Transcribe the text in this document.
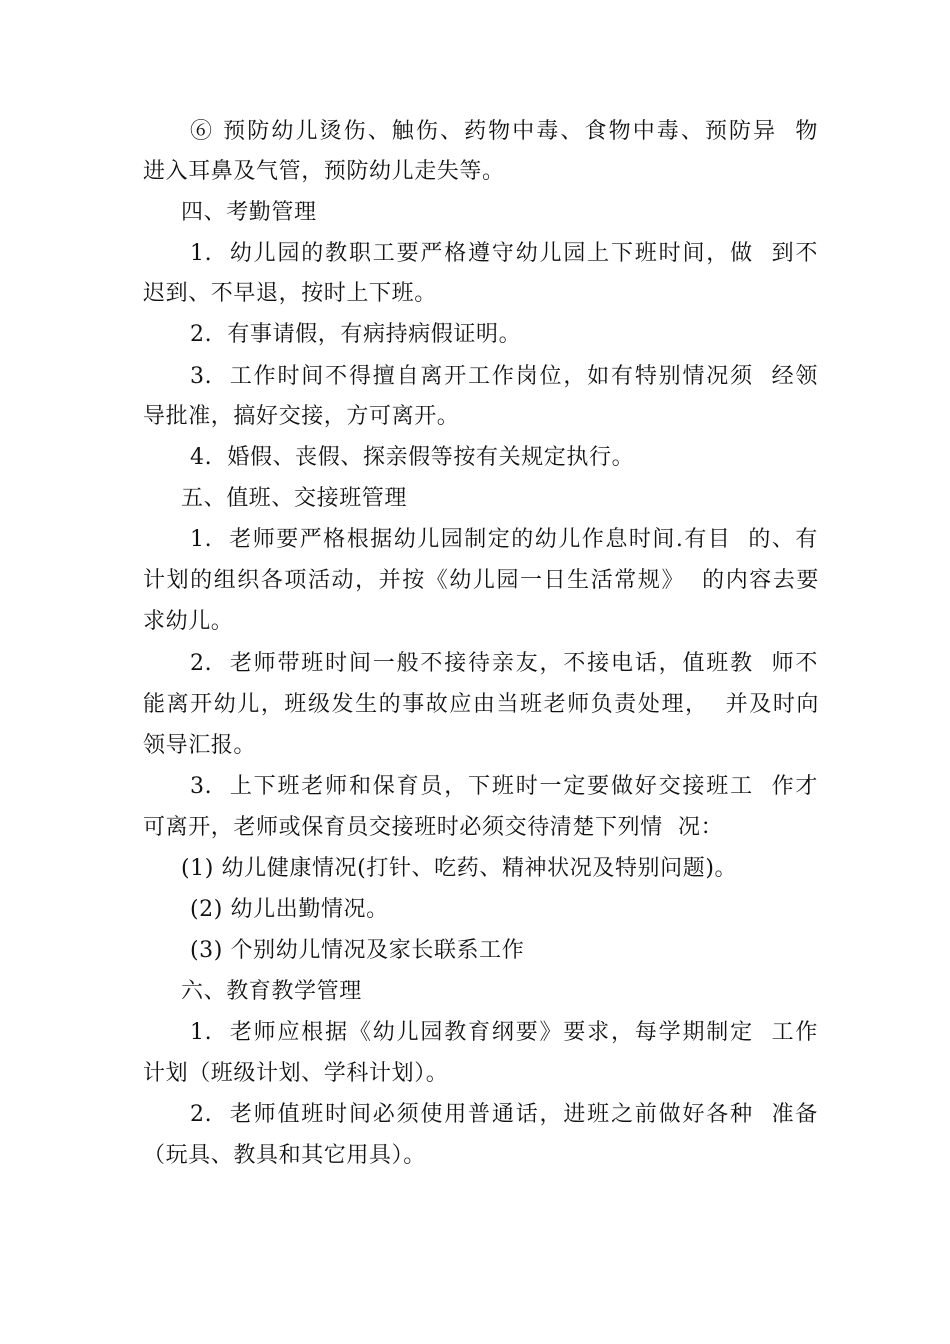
⑥ 预防幼儿烫伤、触伤、药物中毒、食物中毒、预防异  物
进入耳鼻及气管，预防幼儿走失等。
四、考勤管理
1.  幼儿园的教职工要严格遵守幼儿园上下班时间，做  到不
迟到、不早退，按时上下班。
2.  有事请假，有病持病假证明。
3.  工作时间不得擅自离开工作岗位，如有特别情况须  经领
导批准，搞好交接，方可离开。
4.  婚假、丧假、探亲假等按有关规定执行。
五、值班、交接班管理
1.  老师要严格根据幼儿园制定的幼儿作息时间.有目  的、有
计划的组织各项活动，并按《幼儿园一日生活常规》  的内容去要
求幼儿。
2.  老师带班时间一般不接待亲友，不接电话，值班教  师不
能离开幼儿，班级发生的事故应由当班老师负责处理，  并及时向
领导汇报。
3.  上下班老师和保育员，下班时一定要做好交接班工  作才
可离开，老师或保育员交接班时必须交待清楚下列情  况：
(1) 幼儿健康情况(打针、吃药、精神状况及特别问题)。
(2) 幼儿出勤情况。
(3) 个别幼儿情况及家长联系工作
六、教育教学管理
1.  老师应根据《幼儿园教育纲要》要求，每学期制定  工作
计划（班级计划、学科计划）。
2.  老师值班时间必须使用普通话，进班之前做好各种  准备
（玩具、教具和其它用具）。
